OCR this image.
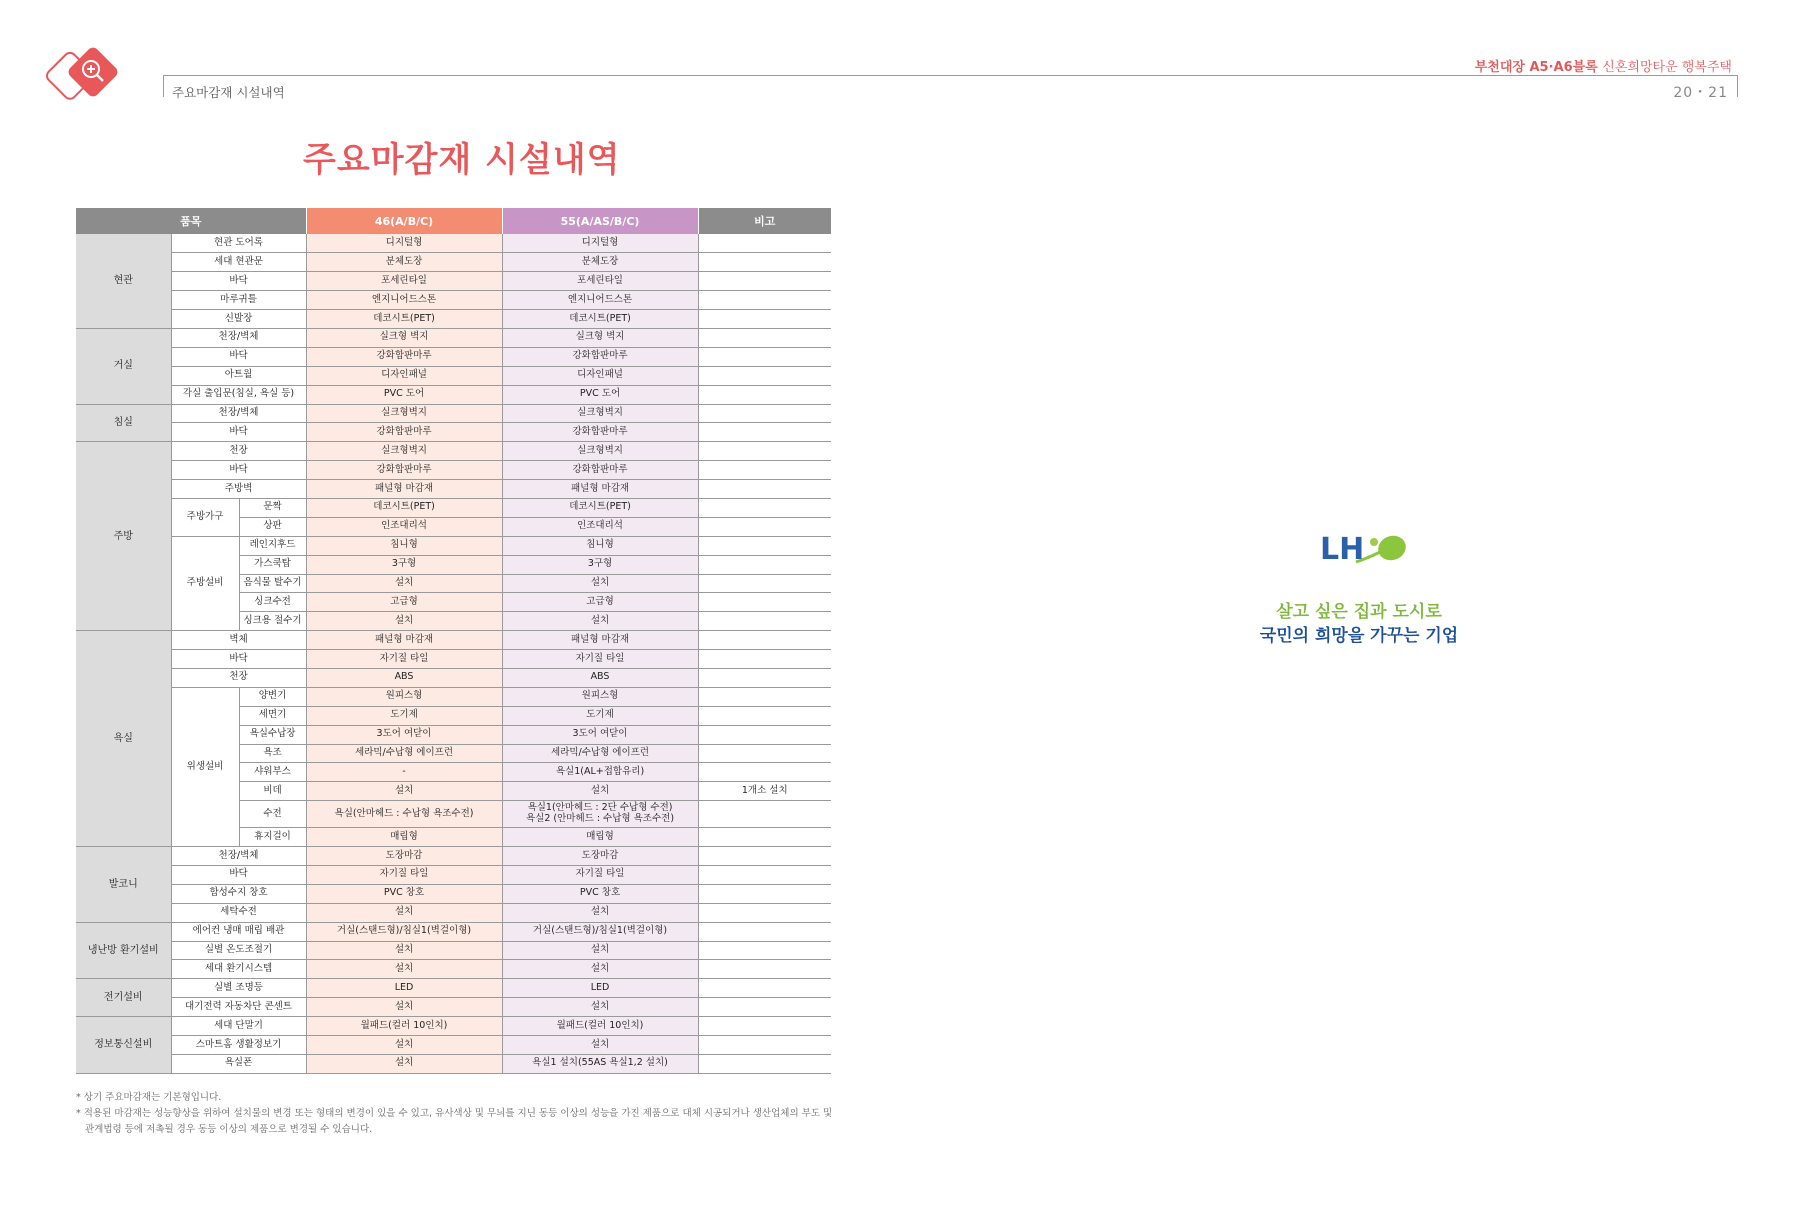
주요마감재 시설내역
부천대장 A5·A6블록 신혼희망타운 행복주택
20・21
주요마감재 시설내역
품목			46(A/B/C)	55(A/AS/B/C)	비고
현관	현관 도어록		디지털형	디지털형	
	세대 현관문		분체도장	분체도장	
	바닥		포세린타일	포세린타일	
	마루귀틀		엔지니어드스톤	엔지니어드스톤	
	신발장		데코시트(PET)	데코시트(PET)	
거실	천장/벽체		실크형 벽지	실크형 벽지	
	바닥		강화합판마루	강화합판마루	
	아트월		디자인패널	디자인패널	
	각실 출입문(침실, 욕실 등)		PVC 도어	PVC 도어	
침실	천장/벽체		실크형벽지	실크형벽지	
	바닥		강화합판마루	강화합판마루	
주방	천장		실크형벽지	실크형벽지	
	바닥		강화합판마루	강화합판마루	
	주방벽		패널형 마감재	패널형 마감재	
	주방가구	문짝	데코시트(PET)	데코시트(PET)	
		상판	인조대리석	인조대리석	
	주방설비	레인지후드	침니형	침니형	
		가스쿡탑	3구형	3구형	
		음식물 탈수기	설치	설치	
		싱크수전	고급형	고급형	
		싱크용 절수기	설치	설치	
욕실	벽체		패널형 마감재	패널형 마감재	
	바닥		자기질 타일	자기질 타일	
	천장		ABS	ABS	
	위생설비	양변기	원피스형	원피스형	
		세면기	도기제	도기제	
		욕실수납장	3도어 여닫이	3도어 여닫이	
		욕조	세라믹/수납형 에이프런	세라믹/수납형 에이프런	
		샤워부스	-	욕실1(AL+접합유리)	
		비데	설치	설치	1개소 설치
		수전	욕실(안마헤드 : 수납형 욕조수전)	욕실1(안마헤드 : 2단 수납형 수전)
욕실2 (안마헤드 : 수납형 욕조수전)	
		휴지걸이	매립형	매립형	
발코니	천장/벽체		도장마감	도장마감	
	바닥		자기질 타일	자기질 타일	
	합성수지 창호		PVC 창호	PVC 창호	
	세탁수전		설치	설치	
냉난방 환기설비	에어컨 냉매 매립 배관		거실(스탠드형)/침실1(벽걸이형)	거실(스탠드형)/침실1(벽걸이형)	
	실별 온도조절기		설치	설치	
	세대 환기시스템		설치	설치	
전기설비	실별 조명등		LED	LED	
	대기전력 자동차단 콘센트		설치	설치	
정보통신설비	세대 단말기		월패드(컬러 10인치)	월패드(컬러 10인치)	
	스마트홈 생활정보기		설치	설치	
	욕실폰		설치	욕실1 설치(55AS 욕실1,2 설치)	

* 상기 주요마감재는 기본형입니다.

* 적용된 마감재는 성능향상을 위하여 설치물의 변경 또는 형태의 변경이 있을 수 있고, 유사색상 및 무늬를 지닌 동등 이상의 성능을 가진 제품으로 대체 시공되거나 생산업체의 부도 및 관계법령 등에 저촉될 경우 동등 이상의 제품으로 변경될 수 있습니다.

LH
살고 싶은 집과 도시로
국민의 희망을 가꾸는 기업
